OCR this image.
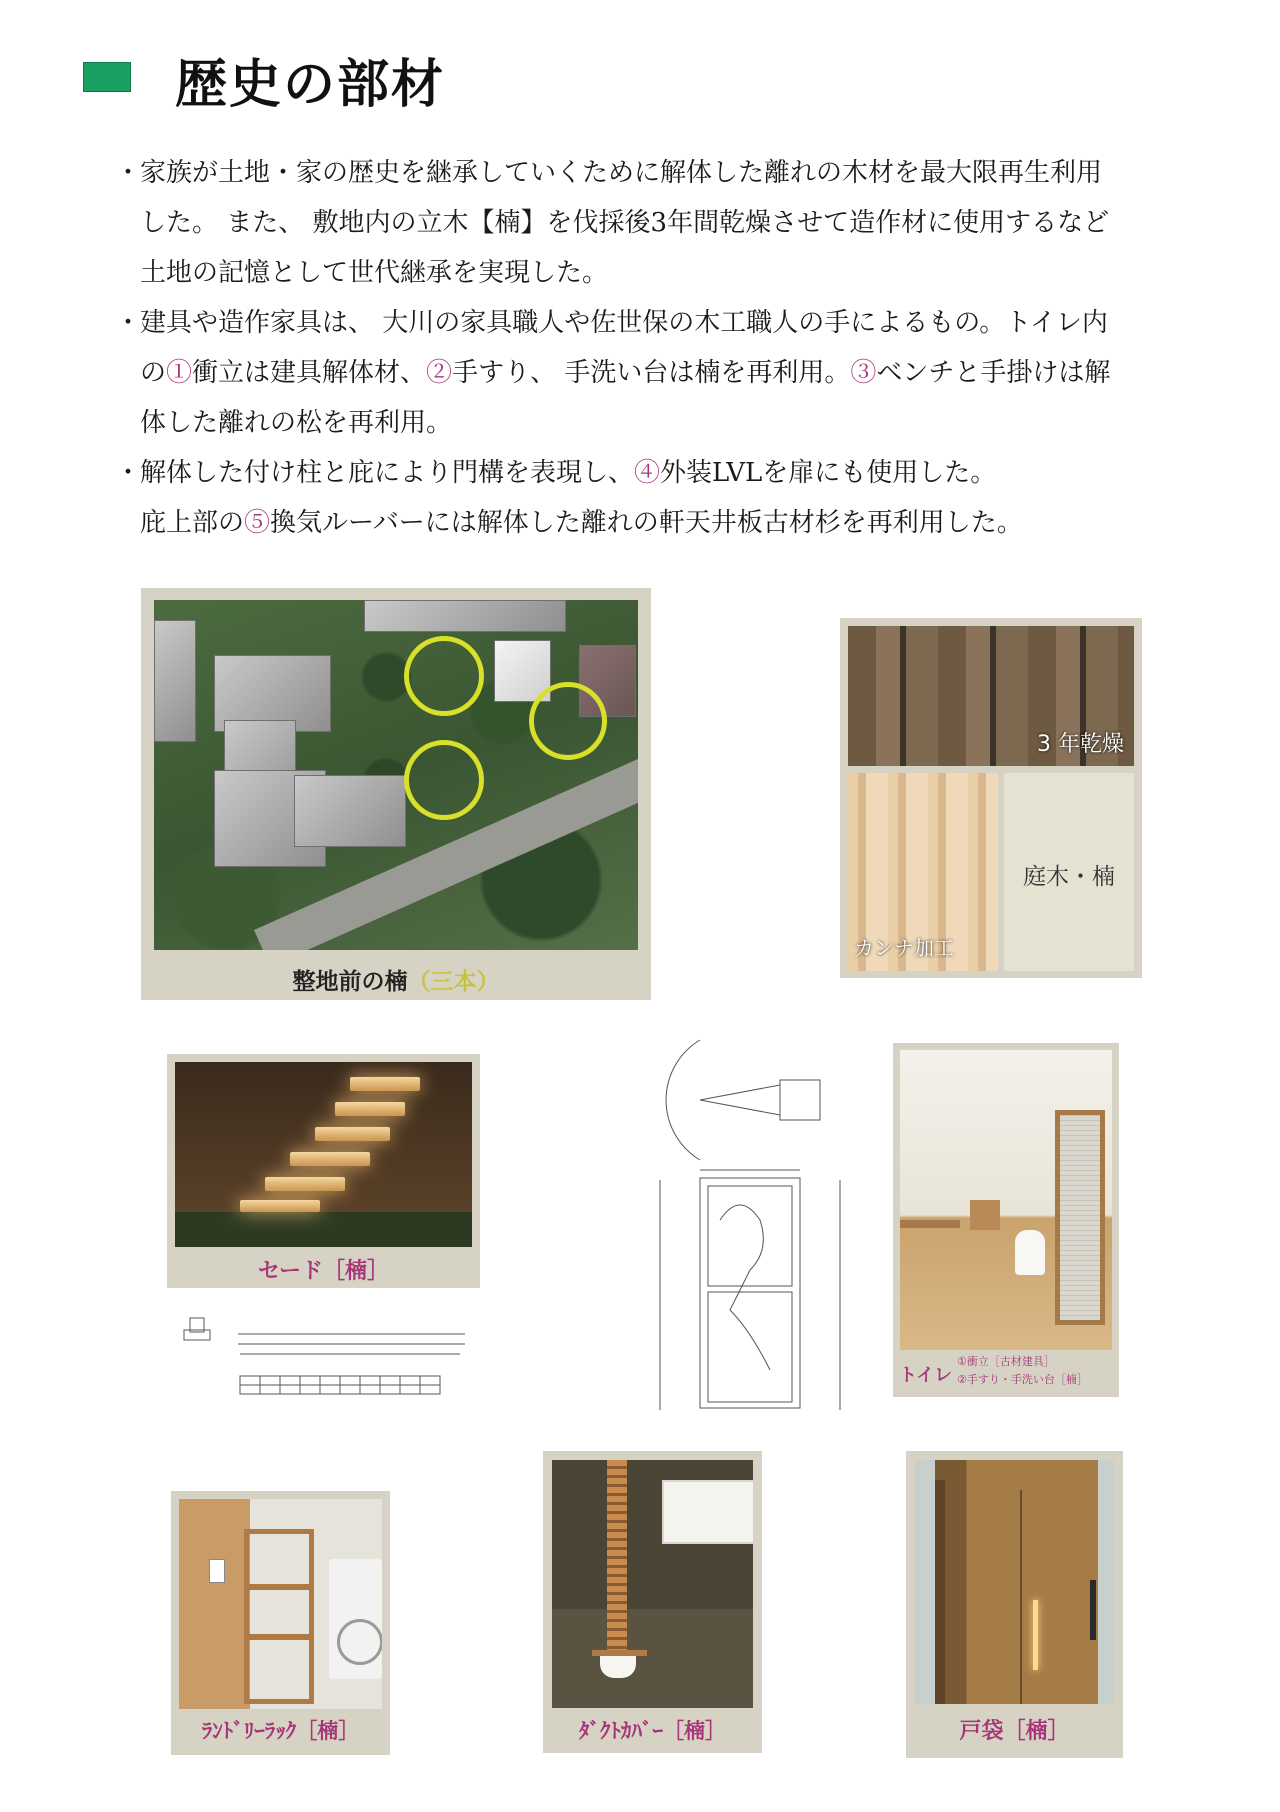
歴史の部材
・
家族が土地・家の歴史を継承していくために解体した離れの木材を最大限再生利用
した。 また、 敷地内の立木【楠】を伐採後3年間乾燥させて造作材に使用するなど
土地の記憶として世代継承を実現した。
・
建具や造作家具は、 大川の家具職人や佐世保の木工職人の手によるもの。トイレ内
の①衝立は建具解体材、②手すり、 手洗い台は楠を再利用。③ベンチと手掛けは解
体した離れの松を再利用。
・
解体した付け柱と庇により門構を表現し、④外装LVLを扉にも使用した。
庇上部の⑤換気ルーバーには解体した離れの軒天井板古材杉を再利用した。
整地前の楠（三本）
3 年乾燥
カンナ加工
庭木・楠
セード［楠］
トイレ
①衝立［古材建具］
②手すり・手洗い台［楠］
ﾗﾝﾄﾞﾘｰﾗｯｸ［楠］	ﾀﾞｸﾄｶﾊﾞｰ［楠］	戸袋［楠］
